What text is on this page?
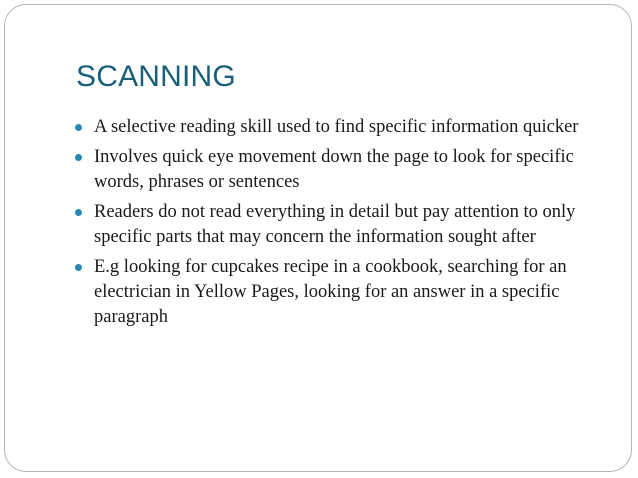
SCANNING
A selective reading skill used to find specific information quicker
Involves quick eye movement down the page to look for specific words, phrases or sentences
Readers do not read everything in detail but pay attention to only specific parts that may concern the information sought after
E.g looking for cupcakes recipe in a cookbook, searching for an electrician in Yellow Pages, looking for an answer in a specific paragraph
